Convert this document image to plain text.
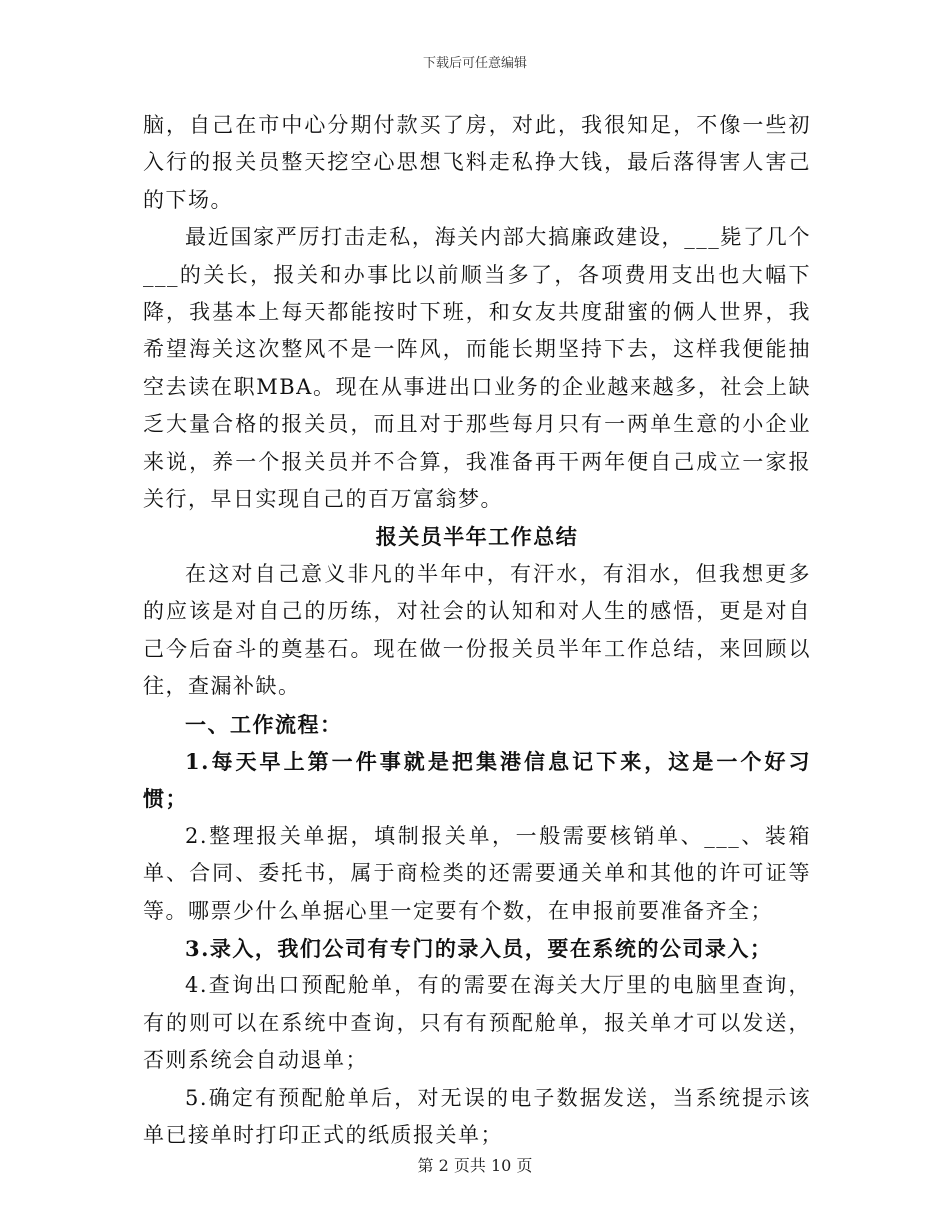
下载后可任意编辑

脑，自己在市中心分期付款买了房，对此，我很知足，不像一些初入行的报关员整天挖空心思想飞料走私挣大钱，最后落得害人害己的下场。

最近国家严厉打击走私，海关内部大搞廉政建设，___毙了几个___的关长，报关和办事比以前顺当多了，各项费用支出也大幅下降，我基本上每天都能按时下班，和女友共度甜蜜的俩人世界，我希望海关这次整风不是一阵风，而能长期坚持下去，这样我便能抽空去读在职MBA。现在从事进出口业务的企业越来越多，社会上缺乏大量合格的报关员，而且对于那些每月只有一两单生意的小企业来说，养一个报关员并不合算，我准备再干两年便自己成立一家报关行，早日实现自己的百万富翁梦。

报关员半年工作总结

在这对自己意义非凡的半年中，有汗水，有泪水，但我想更多的应该是对自己的历练，对社会的认知和对人生的感悟，更是对自己今后奋斗的奠基石。现在做一份报关员半年工作总结，来回顾以往，查漏补缺。

一、工作流程：

1.每天早上第一件事就是把集港信息记下来，这是一个好习惯；

2.整理报关单据，填制报关单，一般需要核销单、___、装箱单、合同、委托书，属于商检类的还需要通关单和其他的许可证等等。哪票少什么单据心里一定要有个数，在申报前要准备齐全；

3.录入，我们公司有专门的录入员，要在系统的公司录入；

4.查询出口预配舱单，有的需要在海关大厅里的电脑里查询，有的则可以在系统中查询，只有有预配舱单，报关单才可以发送，否则系统会自动退单；

5.确定有预配舱单后，对无误的电子数据发送，当系统提示该单已接单时打印正式的纸质报关单；

第 2 页共 10 页
